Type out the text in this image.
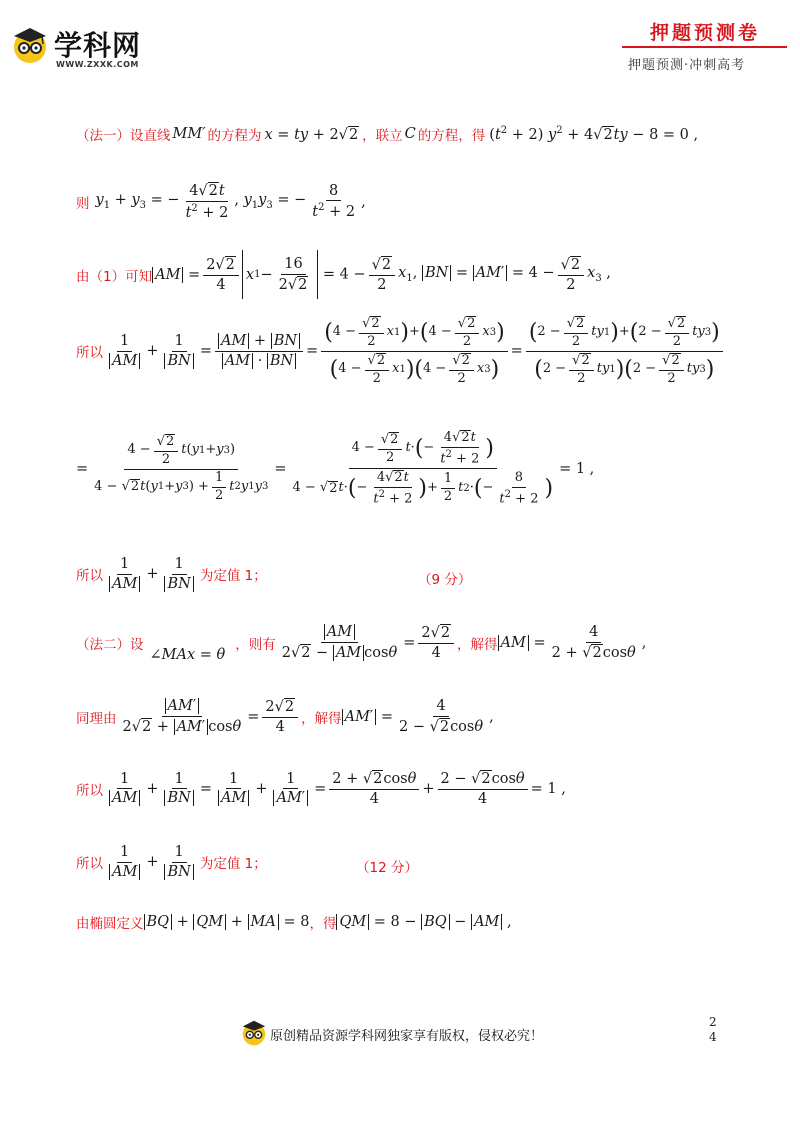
学科网
WWW.ZXXK.COM
押题预测卷
押题预测·冲刺高考
（法一） 设直线 MM′ 的方程为 x = ty + 2√2 ，联立 C 的方程，得 $(t^2 + 2) y^2 + 4√2ty - 8 = 0$ ,
则 $y_1 + y_3$ = − $\frac{4√2t}{t^2 + 2}$ , $y_1y_3$ = − $\frac{8}{t^2 + 2}$ ,
由（1）可知 AM = $\frac{2√2}{4}$ x $1 - \frac{16}{2√2} = 4 - \frac{√2}{2} x_1$, BN = $AM' = 4 - \frac{√2}{2} x_3$ ,
所以 $\frac{1}{AM} + \frac{1}{BN} = \frac{AM + BN}{AM \cdot BN} = \frac{( 4 - \frac{√2}{2} x 1 ) + ( 4 - \frac{√2}{2} x 3 )}{( 4 - \frac{√2}{2} x 1 ) ( 4 - \frac{√2}{2} x 3 )} = \frac{( 2 - \frac{√2}{2} ty 1 ) + ( 2 - \frac{√2}{2} ty 3 )}{( 2 - \frac{√2}{2} ty 1 ) ( 2 - \frac{√2}{2} ty 3 )}$
= $\frac{4 - \frac{√2}{2} t ( y 1 + y 3 )}{4 - √ 2 t ( y 1 + y 3 ) + \frac{1}{2} t 2 y 1 y 3} = \frac{4 - \frac{√2}{2} t \cdot ( - \frac{4√2t}{t^2 + 2} )}{4 - √ 2 t \cdot ( - \frac{4√2t}{t^2 + 2} ) + \frac{1}{2} t 2 \cdot ( - \frac{8}{t^2 + 2} )} = 1$ ,
所以 $\frac{1}{AM} + \frac{1}{BN}$ 为定值 1；	（9 分）
（法二） 设
∠MAx = θ
，则有 $\frac{AM}{\text{2√2 − AM cosθ}} = \frac{2√2}{4}$ ，解得 AM = $\frac{4}{2 + √2\cos\theta}$ ,
同理由 $\frac{AM'}{2√2 + AM' \cos\theta} = \frac{2√2}{4}$ ，解得 $AM' = \frac{4}{2 - √2\cos\theta}$ ,
所以 $\frac{1}{AM} + \frac{1}{BN} = \frac{1}{AM} + \frac{1}{AM'} = \frac{2 + √2\cos\theta}{4} + \frac{2 - √2\cos\theta}{4} = 1$ ,
所以 $\frac{1}{AM} + \frac{1}{BN}$ 为定值 1；	（12 分）
由椭圆定义 BQ + QM + MA = 8 ，得 QM = 8 − BQ − AM ,
原创精品资源学科网独家享有版权，侵权必究！
2
4
